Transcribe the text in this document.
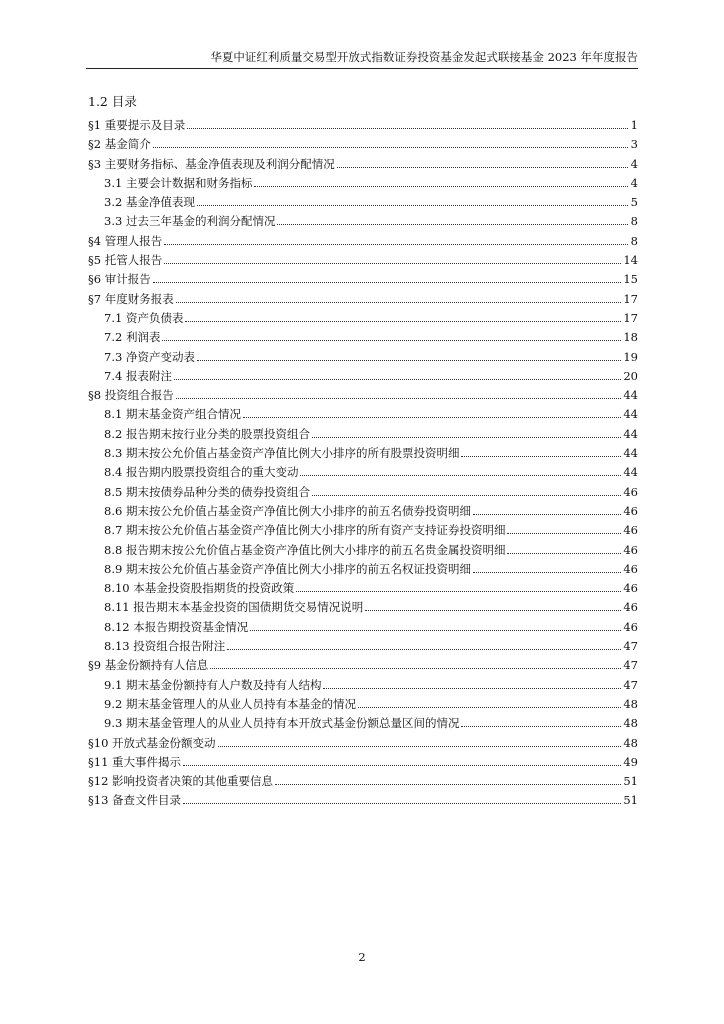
华夏中证红利质量交易型开放式指数证券投资基金发起式联接基金 2023 年年度报告
1.2 目录
§1 重要提示及目录	1
§2 基金简介	3
§3 主要财务指标、基金净值表现及利润分配情况	4
3.1 主要会计数据和财务指标	4
3.2 基金净值表现	5
3.3 过去三年基金的利润分配情况	8
§4 管理人报告	8
§5 托管人报告	14
§6 审计报告	15
§7 年度财务报表	17
7.1 资产负债表	17
7.2 利润表	18
7.3 净资产变动表	19
7.4 报表附注	20
§8 投资组合报告	44
8.1 期末基金资产组合情况	44
8.2 报告期末按行业分类的股票投资组合	44
8.3 期末按公允价值占基金资产净值比例大小排序的所有股票投资明细	44
8.4 报告期内股票投资组合的重大变动	44
8.5 期末按债券品种分类的债券投资组合	46
8.6 期末按公允价值占基金资产净值比例大小排序的前五名债券投资明细	46
8.7 期末按公允价值占基金资产净值比例大小排序的所有资产支持证券投资明细	46
8.8 报告期末按公允价值占基金资产净值比例大小排序的前五名贵金属投资明细	46
8.9 期末按公允价值占基金资产净值比例大小排序的前五名权证投资明细	46
8.10 本基金投资股指期货的投资政策	46
8.11 报告期末本基金投资的国债期货交易情况说明	46
8.12 本报告期投资基金情况	46
8.13 投资组合报告附注	47
§9 基金份额持有人信息	47
9.1 期末基金份额持有人户数及持有人结构	47
9.2 期末基金管理人的从业人员持有本基金的情况	48
9.3 期末基金管理人的从业人员持有本开放式基金份额总量区间的情况	48
§10 开放式基金份额变动	48
§11 重大事件揭示	49
§12 影响投资者决策的其他重要信息	51
§13 备查文件目录	51
2
